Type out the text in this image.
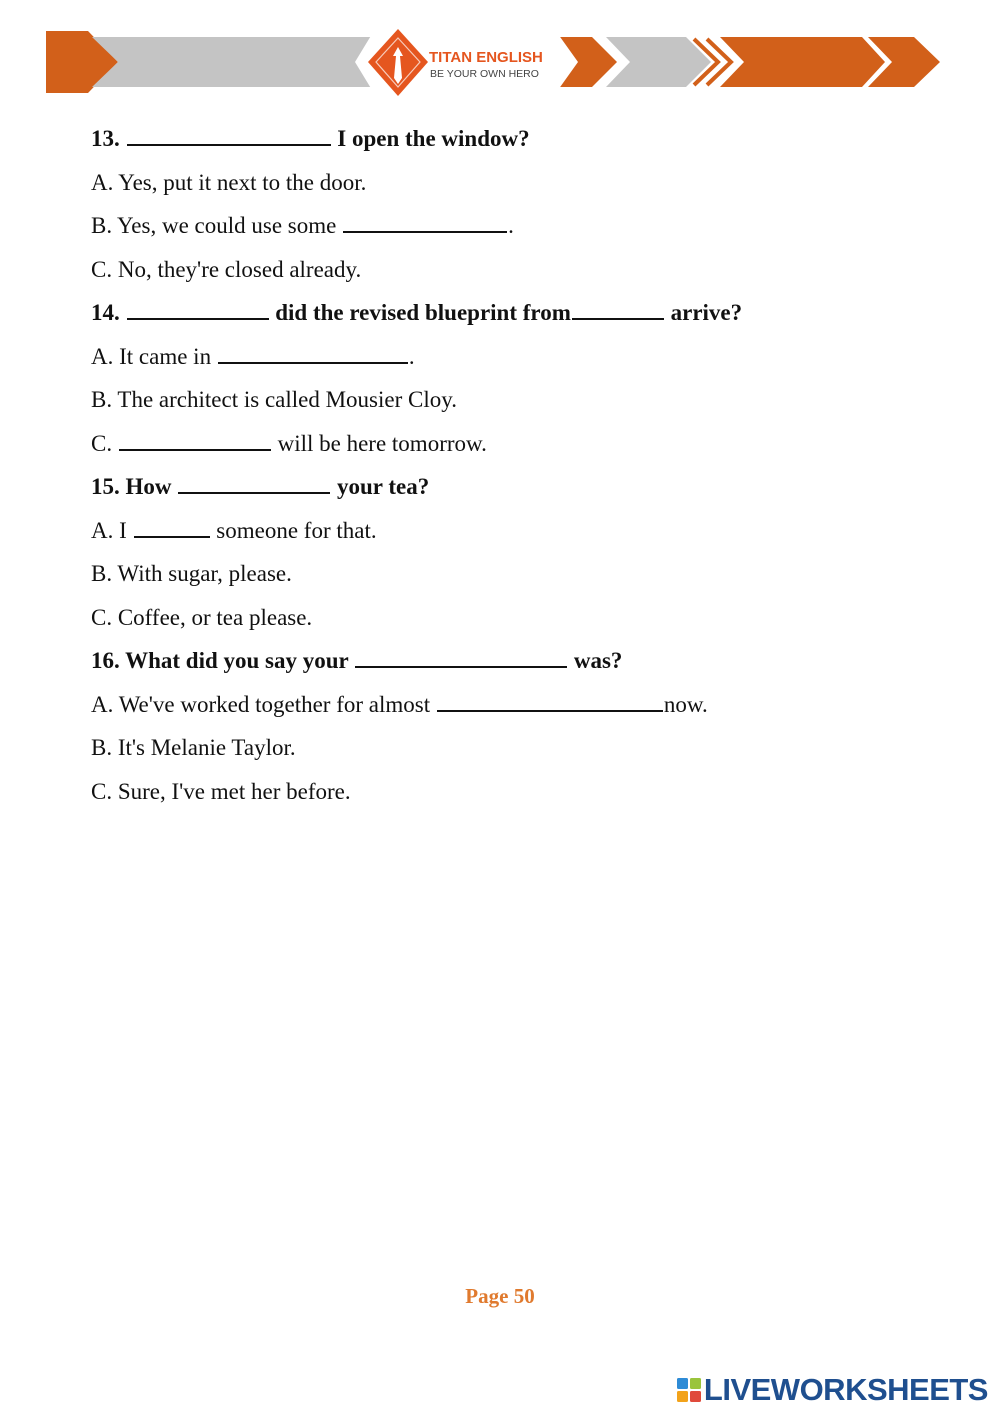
TITAN ENGLISH
BE YOUR OWN HERO
13.	I open the window?
A. Yes, put it next to the door.
B. Yes, we could use some	.
C. No, they're closed already.
14.	did the revised blueprint from	arrive?
A. It came in	.
B. The architect is called Mousier Cloy.
C.	will be here tomorrow.
15. How	your tea?
A. I	someone for that.
B. With sugar, please.
C. Coffee, or tea please.
16. What did you say your	was?
A. We've worked together for almost	now.
B. It's Melanie Taylor.
C. Sure, I've met her before.
Page 50
LIVEWORKSHEETS
